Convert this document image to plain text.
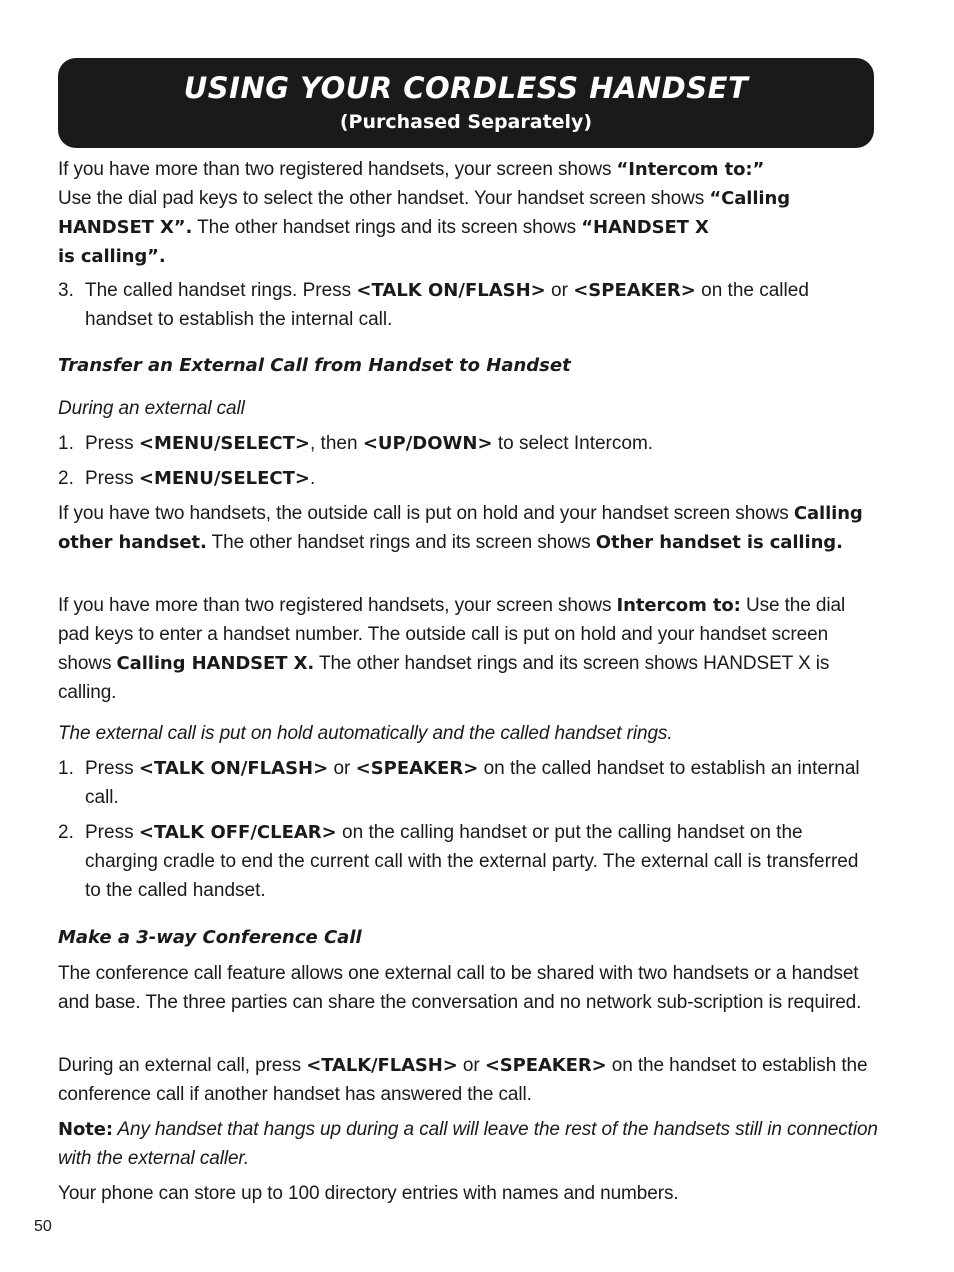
USING YOUR CORDLESS HANDSET
(Purchased Separately)
If you have more than two registered handsets, your screen shows “Intercom to:”
Use the dial pad keys to select the other handset. Your handset screen shows “Calling HANDSET X”. The other handset rings and its screen shows “HANDSET X
is calling”.
3. The called handset rings. Press <TALK ON/FLASH> or <SPEAKER> on the called handset to establish the internal call.
Transfer an External Call from Handset to Handset
During an external call
1. Press <MENU/SELECT>, then <UP/DOWN> to select Intercom.
2. Press <MENU/SELECT>.
If you have two handsets, the outside call is put on hold and your handset screen shows Calling other handset. The other handset rings and its screen shows Other handset is calling.
If you have more than two registered handsets, your screen shows Intercom to: Use the dial pad keys to enter a handset number. The outside call is put on hold and your handset screen shows Calling HANDSET X. The other handset rings and its screen shows HANDSET X is calling.
The external call is put on hold automatically and the called handset rings.
1. Press <TALK ON/FLASH> or <SPEAKER> on the called handset to establish an internal call.
2. Press <TALK OFF/CLEAR> on the calling handset or put the calling handset on the charging cradle to end the current call with the external party. The external call is transferred to the called handset.
Make a 3-way Conference Call
The conference call feature allows one external call to be shared with two handsets or a handset and base. The three parties can share the conversation and no network sub-scription is required.
During an external call, press <TALK/FLASH> or <SPEAKER> on the handset to establish the conference call if another handset has answered the call.
Note: Any handset that hangs up during a call will leave the rest of the handsets still in connection with the external caller.
Your phone can store up to 100 directory entries with names and numbers.
50
